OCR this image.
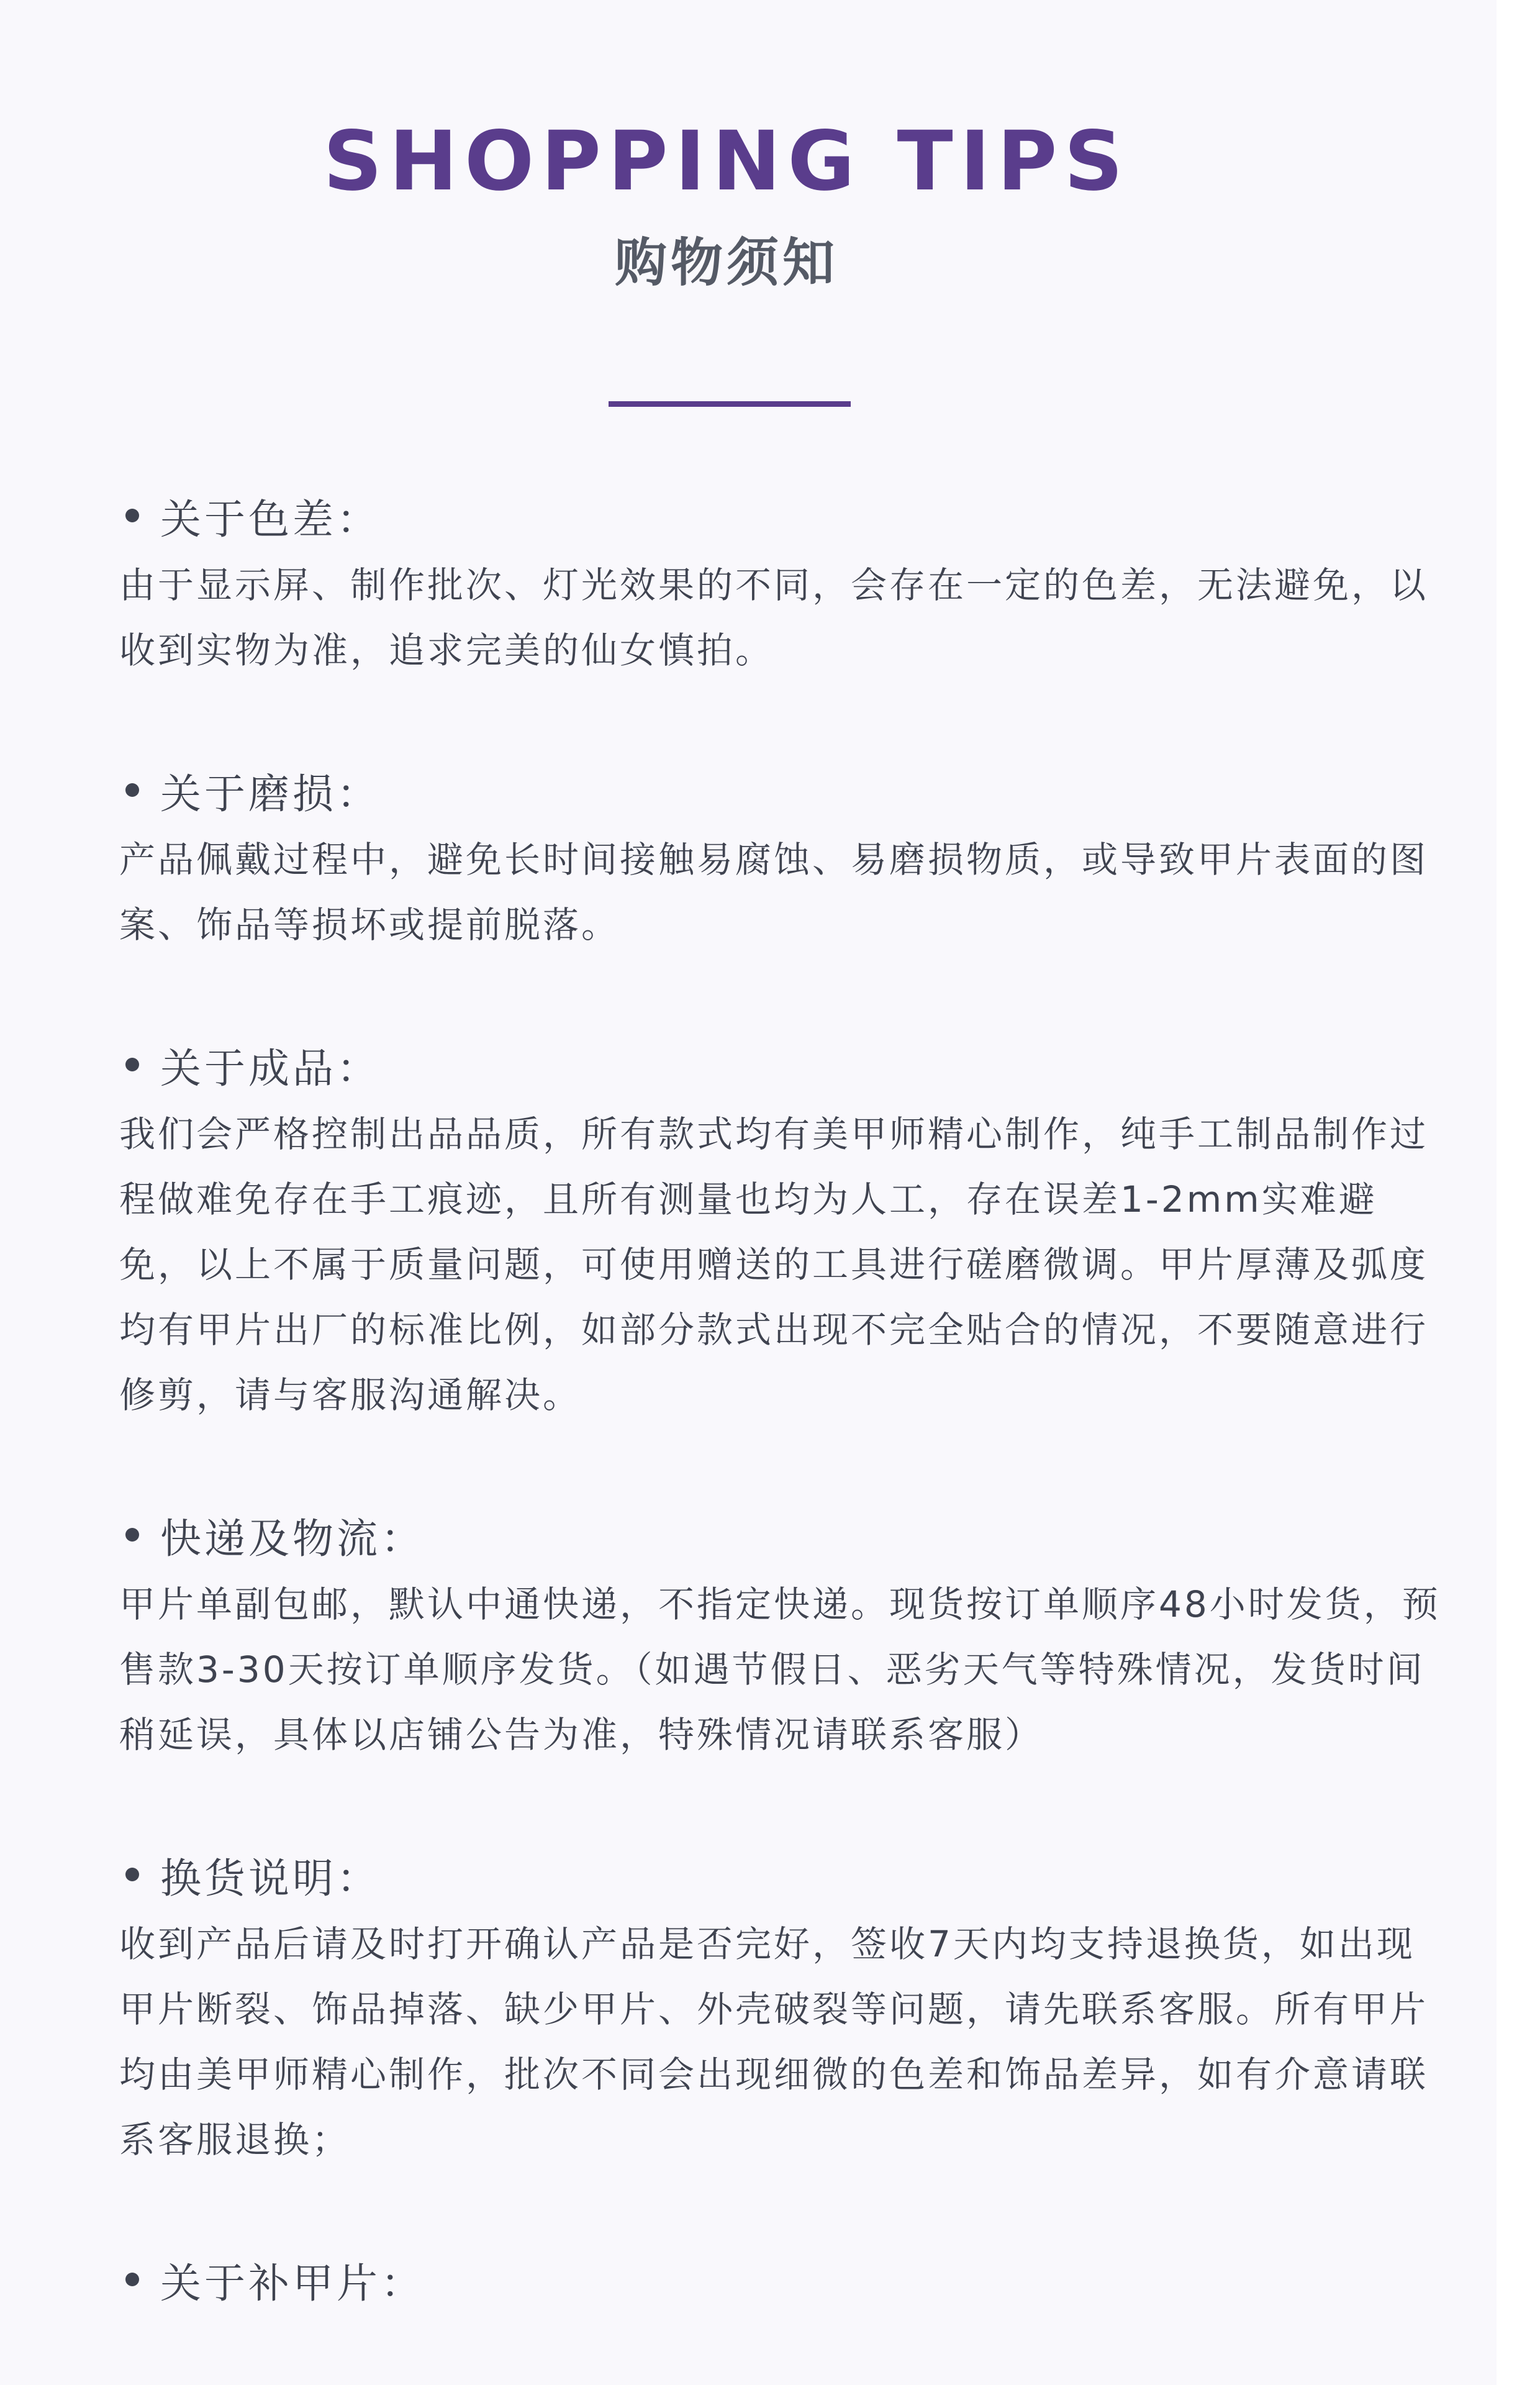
SHOPPING TIPS
购物须知
关于色差：

由于显示屏、制作批次、灯光效果的不同，会存在一定的色差，无法避免，以收到实物为准，追求完美的仙女慎拍。

关于磨损：

产品佩戴过程中，避免长时间接触易腐蚀、易磨损物质，或导致甲片表面的图案、饰品等损坏或提前脱落。

关于成品：

我们会严格控制出品品质，所有款式均有美甲师精心制作，纯手工制品制作过程做难免存在手工痕迹，且所有测量也均为人工，存在误差1-2mm实难避免，以上不属于质量问题，可使用赠送的工具进行磋磨微调。甲片厚薄及弧度均有甲片出厂的标准比例，如部分款式出现不完全贴合的情况，不要随意进行修剪，请与客服沟通解决。

快递及物流：

甲片单副包邮，默认中通快递，不指定快递。现货按订单顺序48小时发货，预售款3-30天按订单顺序发货。（如遇节假日、恶劣天气等特殊情况，发货时间稍延误，具体以店铺公告为准，特殊情况请联系客服）

换货说明：

收到产品后请及时打开确认产品是否完好，签收7天内均支持退换货，如出现甲片断裂、饰品掉落、缺少甲片、外壳破裂等问题，请先联系客服。所有甲片均由美甲师精心制作，批次不同会出现细微的色差和饰品差异，如有介意请联系客服退换；

关于补甲片：
